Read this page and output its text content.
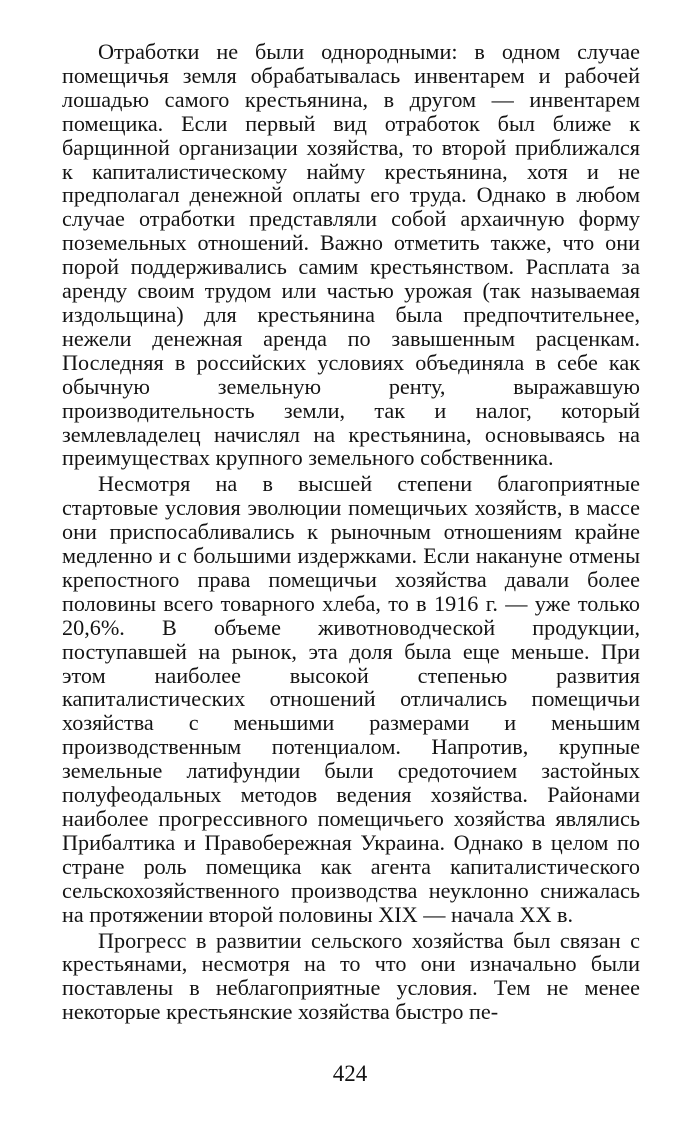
Отработки не были однородными: в одном случае помещичья земля обрабатывалась инвентарем и рабочей лошадью самого крестьянина, в другом — инвентарем помещика. Если первый вид отработок был ближе к барщинной организации хозяйства, то второй приближался к капиталистическому найму крестьянина, хотя и не предполагал денежной оплаты его труда. Однако в любом случае отработки представляли собой архаичную форму поземельных отношений. Важно отметить также, что они порой поддерживались самим крестьянством. Расплата за аренду своим трудом или частью урожая (так называемая издольщина) для крестьянина была предпочтительнее, нежели денежная аренда по завышенным расценкам. Последняя в российских условиях объединяла в себе как обычную земельную ренту, выражавшую производительность земли, так и налог, который землевладелец начислял на крестьянина, основываясь на преимуществах крупного земельного собственника.

Несмотря на в высшей степени благоприятные стартовые условия эволюции помещичьих хозяйств, в массе они приспосабливались к рыночным отношениям крайне медленно и с большими издержками. Если накануне отмены крепостного права помещичьи хозяйства давали более половины всего товарного хлеба, то в 1916 г. — уже только 20,6%. В объеме животноводческой продукции, поступавшей на рынок, эта доля была еще меньше. При этом наиболее высокой степенью развития капиталистических отношений отличались помещичьи хозяйства с меньшими размерами и меньшим производственным потенциалом. Напротив, крупные земельные латифундии были средоточием застойных полуфеодальных методов ведения хозяйства. Районами наиболее прогрессивного помещичьего хозяйства являлись Прибалтика и Правобережная Украина. Однако в целом по стране роль помещика как агента капиталистического сельскохозяйственного производства неуклонно снижалась на протяжении второй половины XIX — начала XX в.

Прогресс в развитии сельского хозяйства был связан с крестьянами, несмотря на то что они изначально были поставлены в неблагоприятные условия. Тем не менее некоторые крестьянские хозяйства быстро пе-

424
